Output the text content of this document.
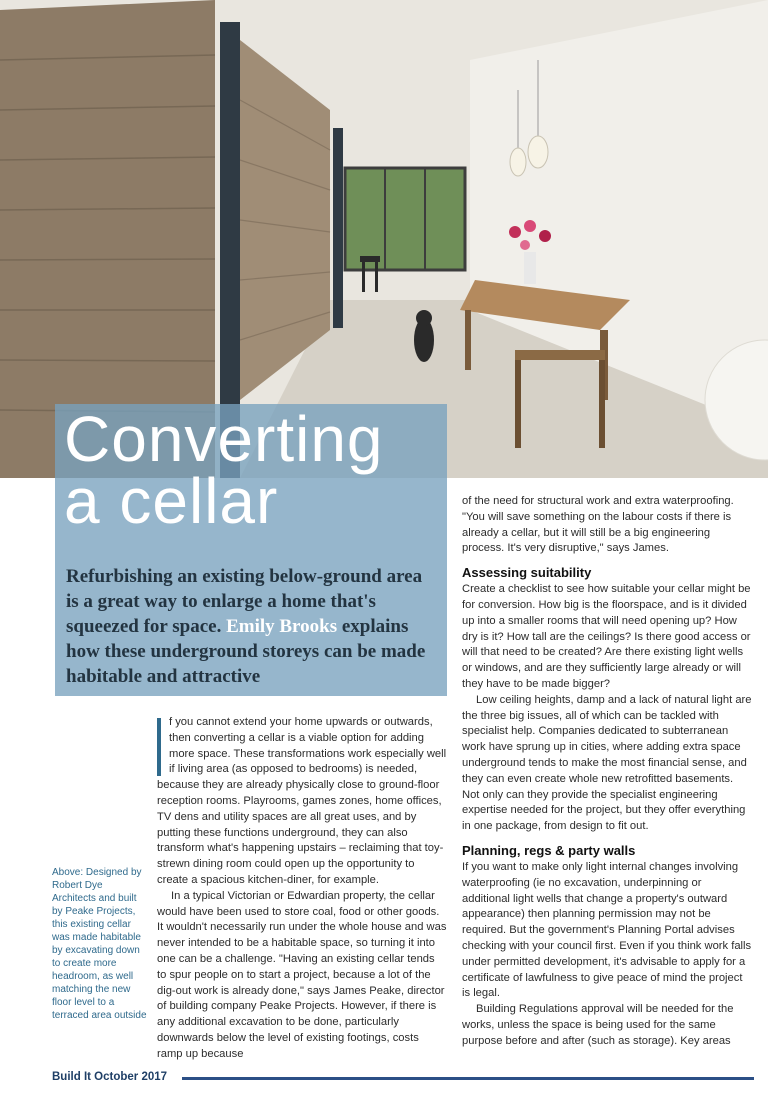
Converting
a cellar

Refurbishing an existing below-ground area is a great way to enlarge a home that's squeezed for space. Emily Brooks explains how these underground storeys can be made habitable and attractive

Above: Designed by Robert Dye Architects and built by Peake Projects, this existing cellar was made habitable by excavating down to create more headroom, as well matching the new floor level to a terraced area outside

f you cannot extend your home upwards or outwards, then converting a cellar is a viable option for adding more space. These transformations work especially well if living area (as opposed to bedrooms) is needed, because they are already physically close to ground-floor reception rooms. Playrooms, games zones, home offices, TV dens and utility spaces are all great uses, and by putting these functions underground, they can also transform what's happening upstairs – reclaiming that toy-strewn dining room could open up the opportunity to create a spacious kitchen-diner, for example.

In a typical Victorian or Edwardian property, the cellar would have been used to store coal, food or other goods. It wouldn't necessarily run under the whole house and was never intended to be a habitable space, so turning it into one can be a challenge. "Having an existing cellar tends to spur people on to start a project, because a lot of the dig-out work is already done," says James Peake, director of building company Peake Projects. However, if there is any additional excavation to be done, particularly downwards below the level of existing footings, costs ramp up because

of the need for structural work and extra waterproofing. "You will save something on the labour costs if there is already a cellar, but it will still be a big engineering process. It's very disruptive," says James.

Assessing suitability

Create a checklist to see how suitable your cellar might be for conversion. How big is the floorspace, and is it divided up into a smaller rooms that will need opening up? How dry is it? How tall are the ceilings? Is there good access or will that need to be created? Are there existing light wells or windows, and are they sufficiently large already or will they have to be made bigger?

Low ceiling heights, damp and a lack of natural light are the three big issues, all of which can be tackled with specialist help. Companies dedicated to subterranean work have sprung up in cities, where adding extra space underground tends to make the most financial sense, and they can even create whole new retrofitted basements. Not only can they provide the specialist engineering expertise needed for the project, but they offer everything in one package, from design to fit out.

Planning, regs & party walls

If you want to make only light internal changes involving waterproofing (ie no excavation, underpinning or additional light wells that change a property's outward appearance) then planning permission may not be required. But the government's Planning Portal advises checking with your council first. Even if you think work falls under permitted development, it's advisable to apply for a certificate of lawfulness to give peace of mind the project is legal.

Building Regulations approval will be needed for the works, unless the space is being used for the same purpose before and after (such as storage). Key areas

Build It October 2017
